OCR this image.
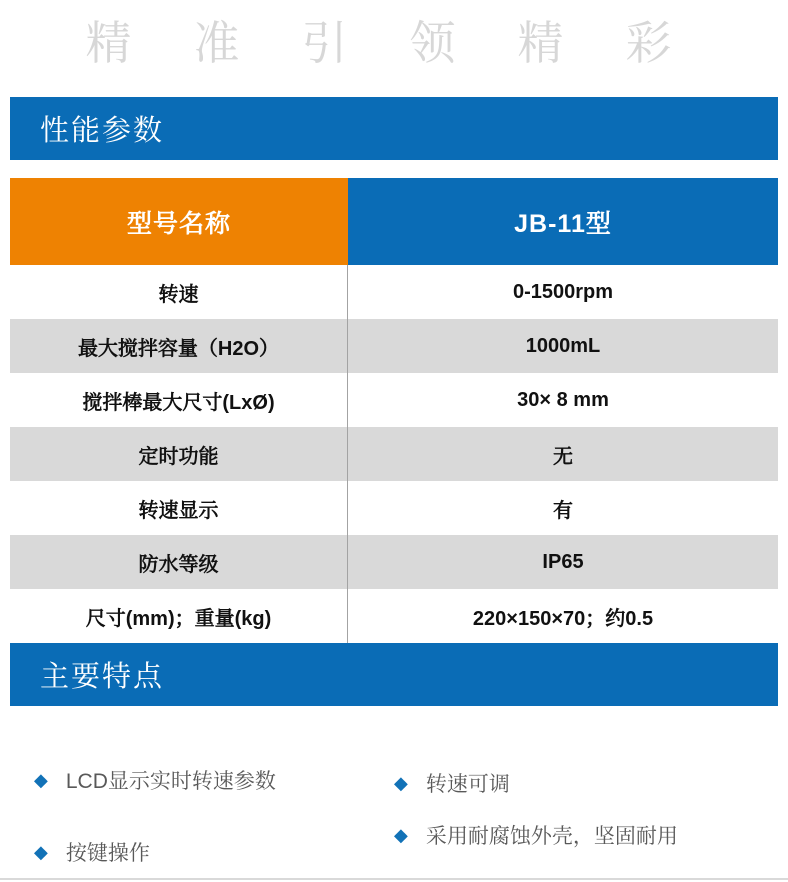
精准引领精彩
性能参数
型号名称	JB-11型
转速	0-1500rpm
最大搅拌容量（H2O）	1000mL
搅拌棒最大尺寸(LxØ)	30× 8 mm
定时功能	无
转速显示	有
防水等级	IP65
尺寸(mm)；重量(kg)	220×150×70；约0.5
主要特点
◆ LCD显示实时转速参数
◆ 按键操作
◆ 转速可调
◆ 采用耐腐蚀外壳，坚固耐用
